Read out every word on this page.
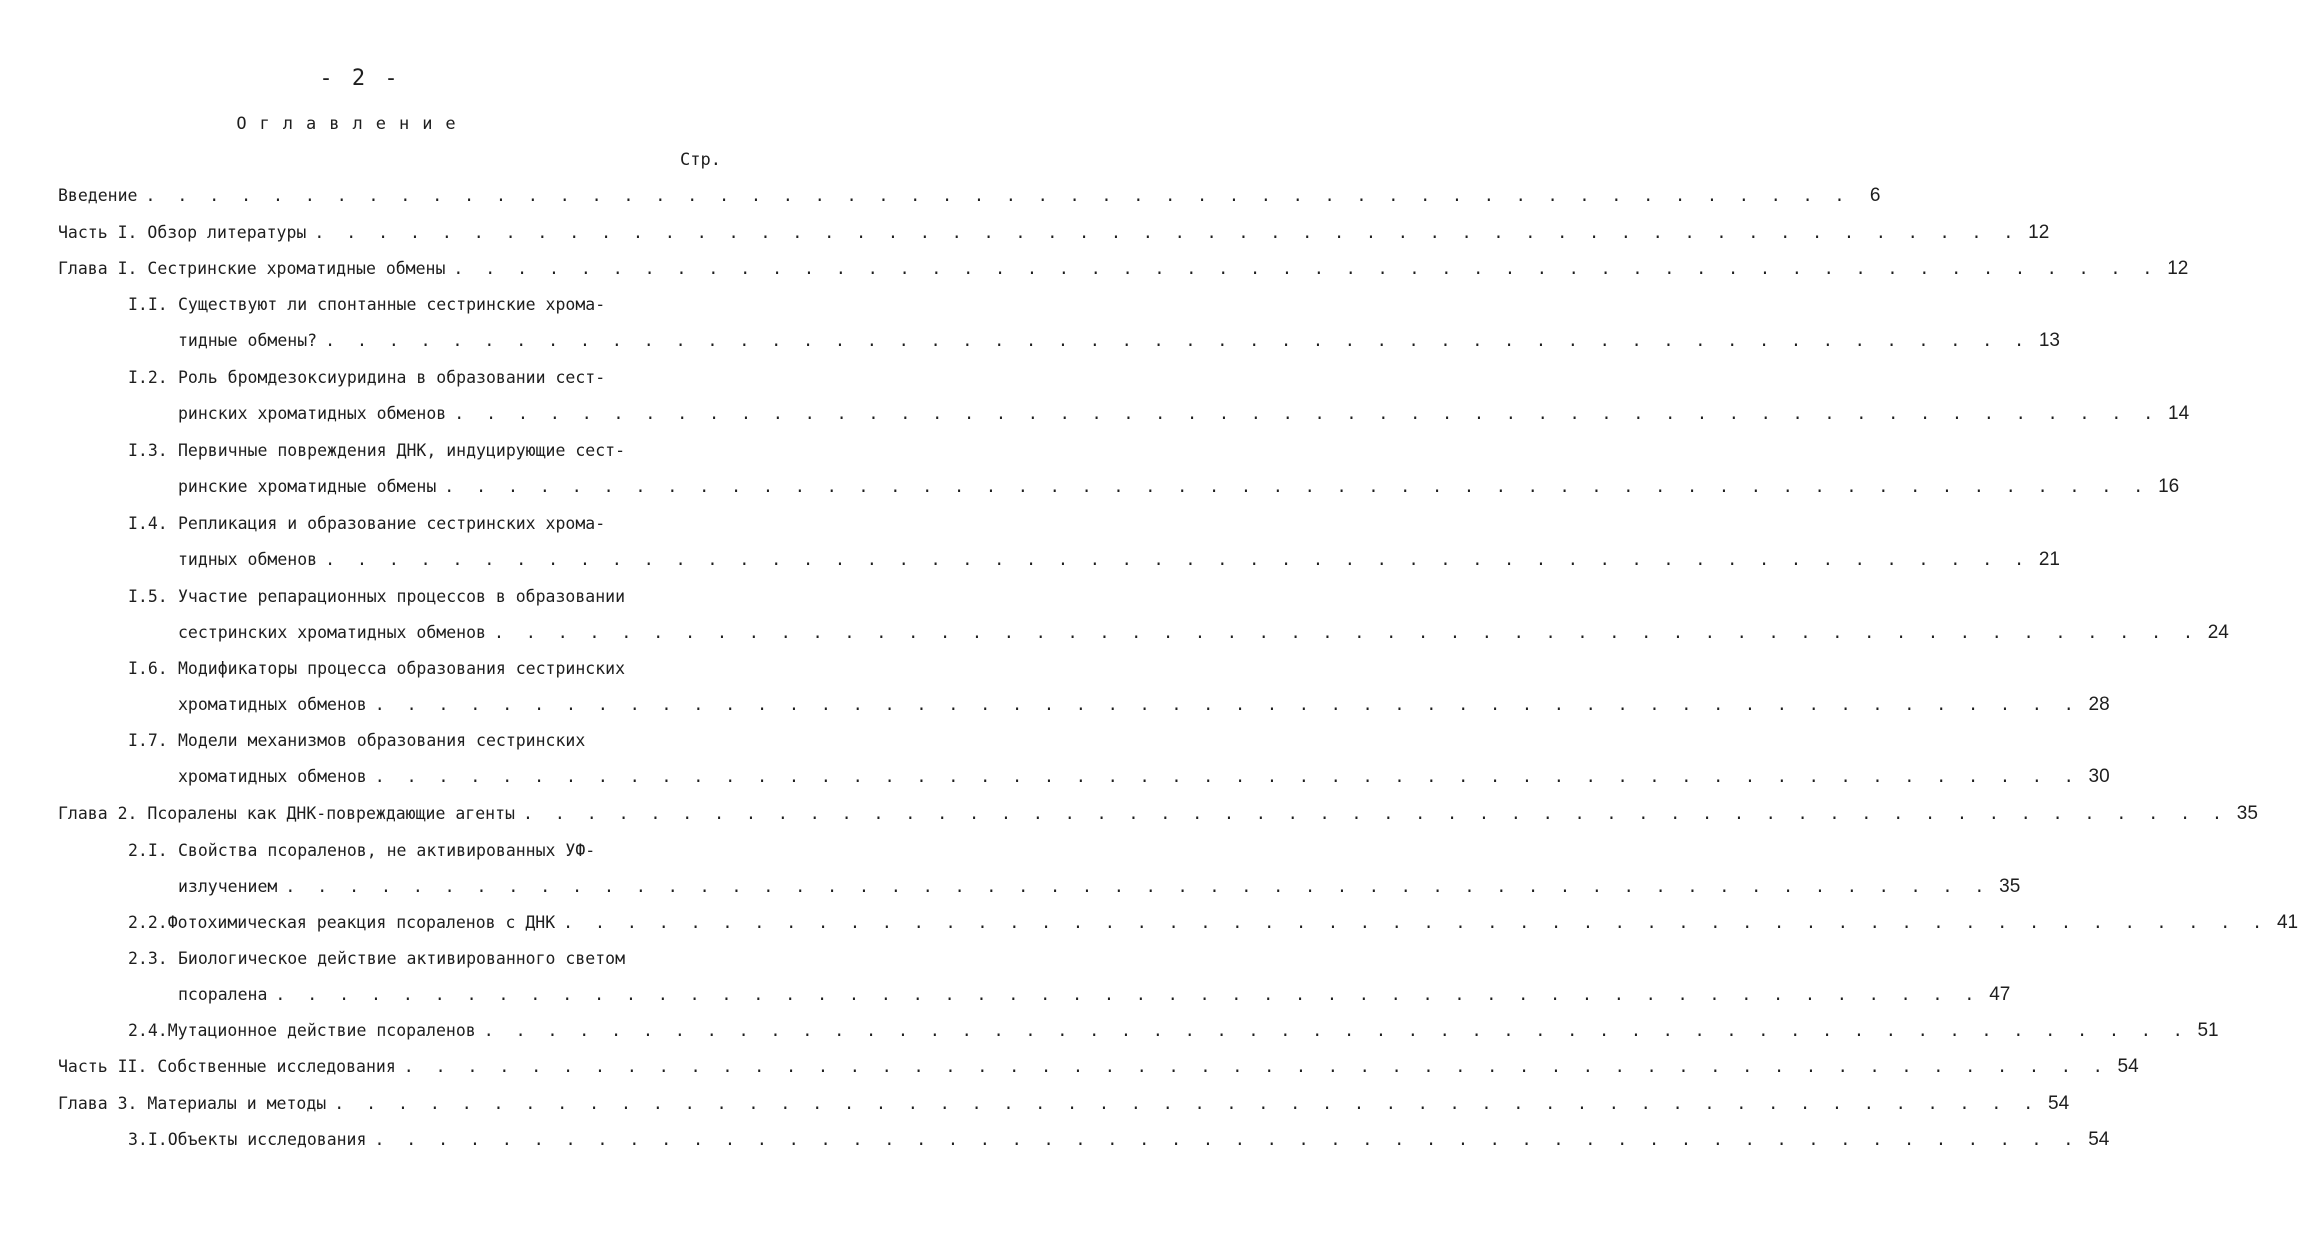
- 2 -
Оглавление
Стр.
Введение . . . . . . . . . . . . . . . . . . . . . . . . . . . . . . . . . . . . . . . . . . . . . . . . . . . . . .	6
Часть I. Обзор литературы . . . . . . . . . . . . . . . . . . . . . . . . . . . . . . . . . . . . . . . . . . . . . . . . . . . . . . 12
Глава I. Сестринские хроматидные обмены . . . . . . . . . . . . . . . . . . . . . . . . . . . . . . . . . . . . . . . . . . . . . . . . . . . . . . 12
I.I. Существуют ли спонтанные сестринские хрома-
тидные обмены? . . . . . . . . . . . . . . . . . . . . . . . . . . . . . . . . . . . . . . . . . . . . . . . . . . . . . . 13
I.2. Роль бромдезоксиуридина в образовании сест-
ринских хроматидных обменов . . . . . . . . . . . . . . . . . . . . . . . . . . . . . . . . . . . . . . . . . . . . . . . . . . . . . . 14
I.3. Первичные повреждения ДНК, индуцирующие сест-
ринские хроматидные обмены . . . . . . . . . . . . . . . . . . . . . . . . . . . . . . . . . . . . . . . . . . . . . . . . . . . . . . 16
I.4. Репликация и образование сестринских хрома-
тидных обменов . . . . . . . . . . . . . . . . . . . . . . . . . . . . . . . . . . . . . . . . . . . . . . . . . . . . . . 21
I.5. Участие репарационных процессов в образовании
сестринских хроматидных обменов . . . . . . . . . . . . . . . . . . . . . . . . . . . . . . . . . . . . . . . . . . . . . . . . . . . . . . 24
I.6. Модификаторы процесса образования сестринских
хроматидных обменов . . . . . . . . . . . . . . . . . . . . . . . . . . . . . . . . . . . . . . . . . . . . . . . . . . . . . . 28
I.7. Модели механизмов образования сестринских
хроматидных обменов . . . . . . . . . . . . . . . . . . . . . . . . . . . . . . . . . . . . . . . . . . . . . . . . . . . . . . 30
Глава 2. Псоралены как ДНК-повреждающие агенты . . . . . . . . . . . . . . . . . . . . . . . . . . . . . . . . . . . . . . . . . . . . . . . . . . . . . . 35
2.I. Свойства псораленов, не активированных УФ-
излучением . . . . . . . . . . . . . . . . . . . . . . . . . . . . . . . . . . . . . . . . . . . . . . . . . . . . . . 35
2.2. Фотохимическая реакция псораленов с ДНК . . . . . . . . . . . . . . . . . . . . . . . . . . . . . . . . . . . . . . . . . . . . . . . . . . . . . . 41
2.3. Биологическое действие активированного светом
псоралена . . . . . . . . . . . . . . . . . . . . . . . . . . . . . . . . . . . . . . . . . . . . . . . . . . . . . . 47
2.4. Мутационное действие псораленов . . . . . . . . . . . . . . . . . . . . . . . . . . . . . . . . . . . . . . . . . . . . . . . . . . . . . . 51
Часть II. Собственные исследования . . . . . . . . . . . . . . . . . . . . . . . . . . . . . . . . . . . . . . . . . . . . . . . . . . . . . . 54
Глава 3. Материалы и методы . . . . . . . . . . . . . . . . . . . . . . . . . . . . . . . . . . . . . . . . . . . . . . . . . . . . . . 54
3.I. Объекты исследования . . . . . . . . . . . . . . . . . . . . . . . . . . . . . . . . . . . . . . . . . . . . . . . . . . . . . . 54
